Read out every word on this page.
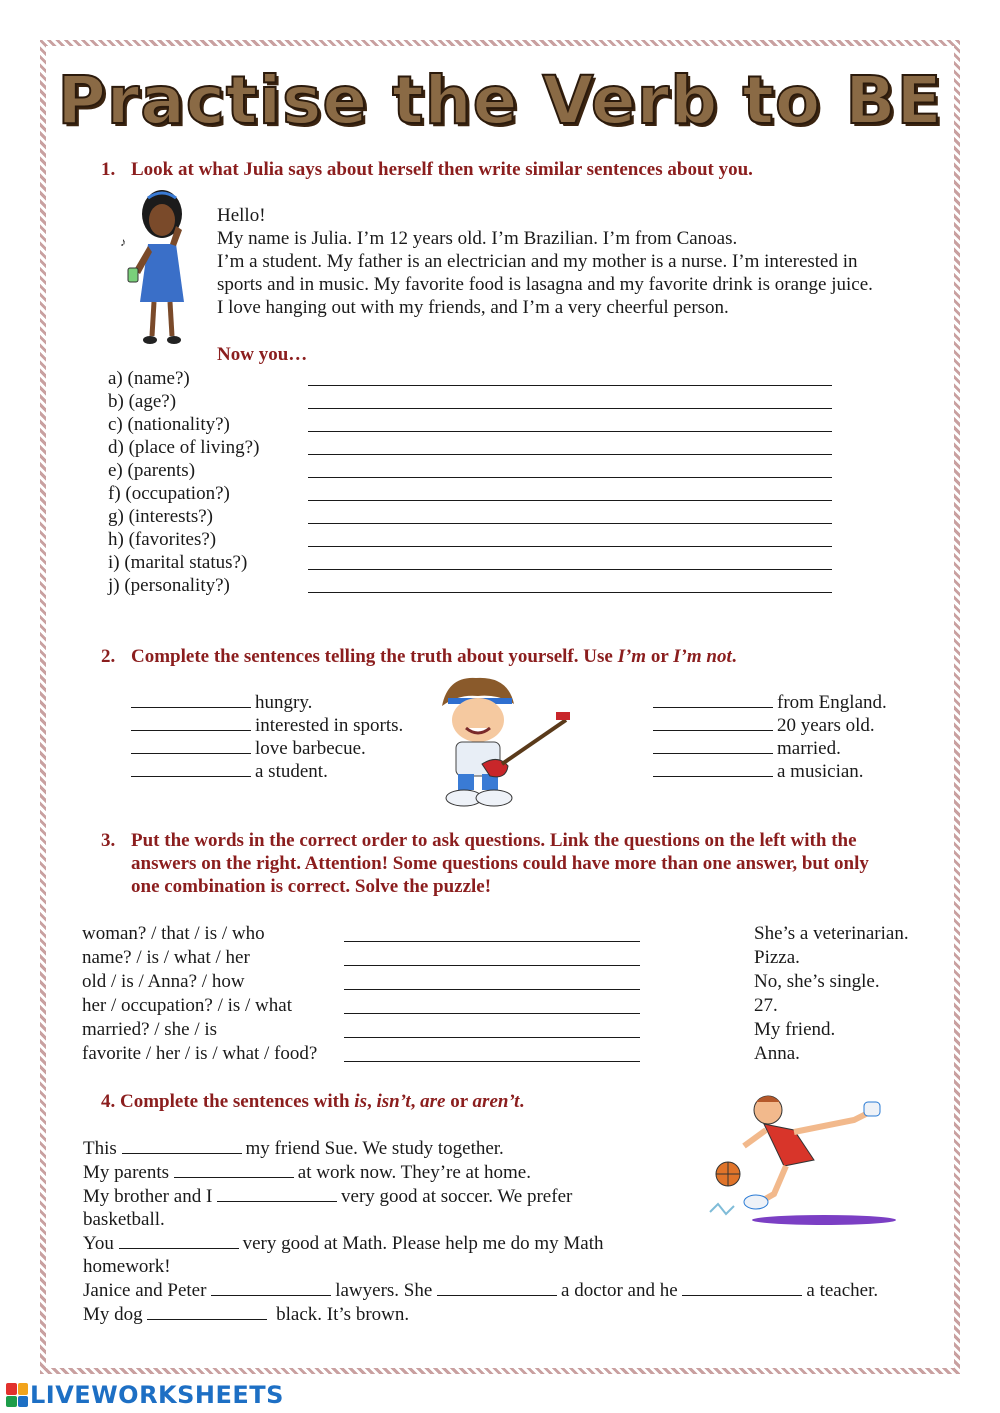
Practise the Verb to BE
1. Look at what Julia says about herself then write similar sentences about you.
♪

Hello!

My name is Julia. I’m 12 years old. I’m Brazilian. I’m from Canoas.

I’m a student. My father is an electrician and my mother is a nurse. I’m interested in

sports and in music. My favorite food is lasagna and my favorite drink is orange juice.

I love hanging out with my friends, and I’m a very cheerful person.

Now you…
a) (name?)
b) (age?)
c) (nationality?)
d) (place of living?)
e) (parents)
f) (occupation?)
g) (interests?)
h) (favorites?)
i) (marital status?)
j) (personality?)
2. Complete the sentences telling the truth about yourself. Use I’m or I’m not.
hungry.
interested in sports.
love barbecue.
a student.
from England.
20 years old.
married.
a musician.
3. Put the words in the correct order to ask questions. Link the questions on the left with the
answers on the right. Attention! Some questions could have more than one answer, but only
one combination is correct. Solve the puzzle!
woman? / that / is / who	She’s a veterinarian.
name? / is / what / her	Pizza.
old / is / Anna? / how	No, she’s single.
her / occupation? / is / what	27.
married? / she / is	My friend.
favorite / her / is / what / food?	Anna.
4. Complete the sentences with is, isn’t, are or aren’t.
This	my friend Sue. We study together.
My parents	at work now. They’re at home.
My brother and I	very good at soccer. We prefer
basketball.
You	very good at Math. Please help me do my Math
homework!
Janice and Peter	lawyers. She	a doctor and he	a teacher.
My dog	black. It’s brown.
LIVEWORKSHEETS
